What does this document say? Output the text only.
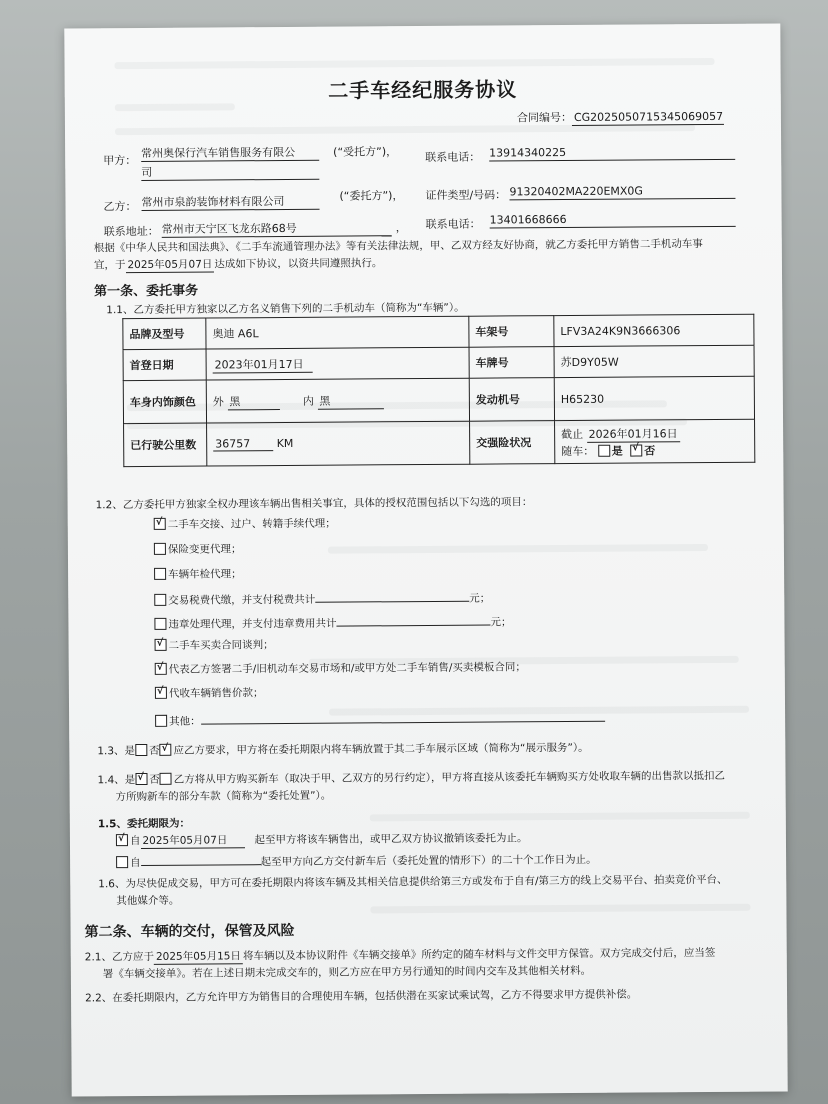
二手车经纪服务协议
合同编号： CG2025050715345069057
甲方：
常州奥保行汽车销售服务有限公
司
(“受托方”)，	联系电话： 13914340225
乙方： 常州市泉韵装饰材料有限公司	(“委托方”)， 证件类型/号码： 91320402MA220EMX0G
联系地址： 常州市天宁区飞龙东路68号	， 联系电话： 13401668666
根据《中华人民共和国法典》、《二手车流通管理办法》等有关法律法规，甲、乙双方经友好协商，就乙方委托甲方销售二手机动车事
宜，于 2025年05月07日 达成如下协议，以资共同遵照执行。
第一条、委托事务
1.1、乙方委托甲方独家以乙方名义销售下列的二手机动车（简称为“车辆”）。
品牌及型号	奥迪 A6L	车架号	LFV3A24K9N3666306
首登日期	2023年01月17日	车牌号	苏D9Y05W
车身内饰颜色	外 黑 内 黑	发动机号	H65230
已行驶公里数	36757 KM	交强险状况	截止 2026年01月16日
随车： 是 √ 否
1.2、乙方委托甲方独家全权办理该车辆出售相关事宜，具体的授权范围包括以下勾选的项目：
√二手车交接、过户、转籍手续代理；
保险变更代理；
车辆年检代理；
交易税费代缴，并支付税费共计	元；
违章处理代理，并支付违章费用共计	元；
√二手车买卖合同谈判；
√代表乙方签署二手/旧机动车交易市场和/或甲方处二手车销售/买卖模板合同；
√代收车辆销售价款；
其他：
1.3、是 否 √ 应乙方要求，甲方将在委托期限内将车辆放置于其二手车展示区域（简称为“展示服务”）。
1.4、是 √ 否 乙方将从甲方购买新车（取决于甲、乙双方的另行约定），甲方将直接从该委托车辆购买方处收取车辆的出售款以抵扣乙
方所购新车的部分车款（简称为“委托处置”）。
1.5、委托期限为：
√自 2025年05月07日	起至甲方将该车辆售出，或甲乙双方协议撤销该委托为止。
自	起至甲方向乙方交付新车后（委托处置的情形下）的二十个工作日为止。
1.6、为尽快促成交易，甲方可在委托期限内将该车辆及其相关信息提供给第三方或发布于自有/第三方的线上交易平台、拍卖竞价平台、
其他媒介等。
第二条、车辆的交付，保管及风险
2.1、乙方应于 2025年05月15日 将车辆以及本协议附件《车辆交接单》所约定的随车材料与文件交甲方保管。双方完成交付后，应当签
署《车辆交接单》。若在上述日期未完成交车的，则乙方应在甲方另行通知的时间内交车及其他相关材料。
2.2、在委托期限内，乙方允许甲方为销售目的合理使用车辆，包括供潜在买家试乘试驾，乙方不得要求甲方提供补偿。
